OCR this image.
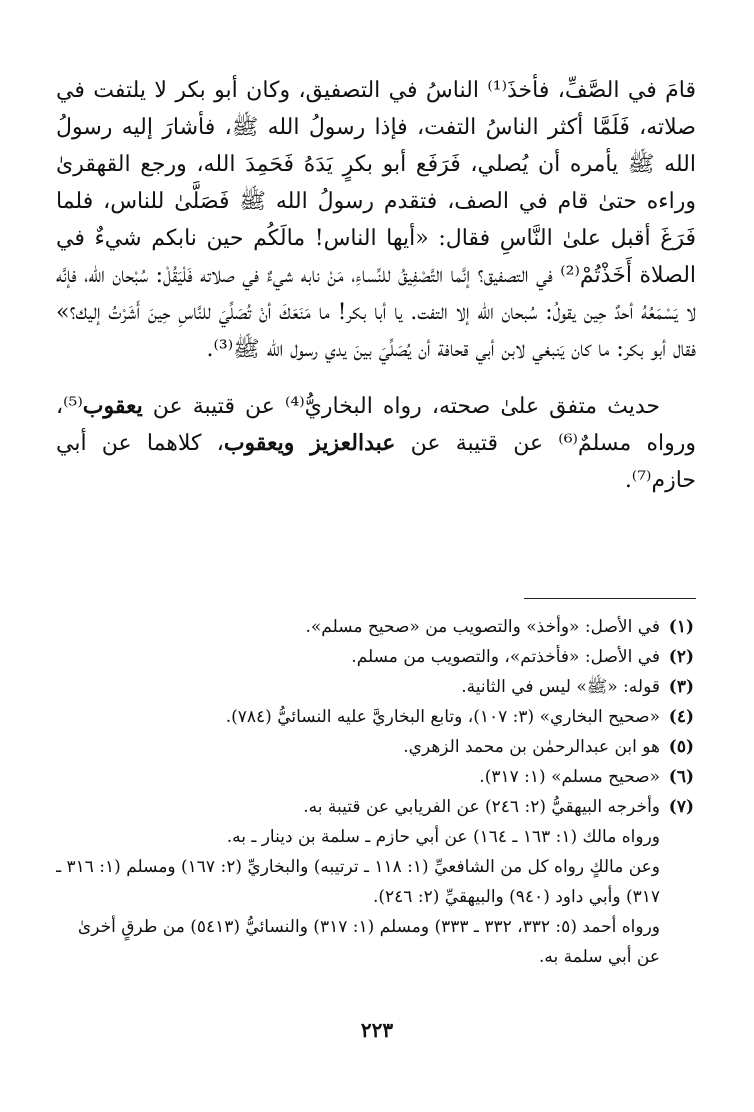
قامَ في الصَّفِّ، فأخذَ⁽¹⁾ الناسُ في التصفيق، وكان أبو بكر لا يلتفت في صلاته، فَلَمَّا أكثر الناسُ التفت، فإذا رسولُ الله ﷺ، فأشارَ إليه رسولُ الله ﷺ يأمره أن يُصلي، فَرَفَع أبو بكرٍ يَدَهُ فَحَمِدَ الله، ورجع القهقرىٰ وراءه حتىٰ قام في الصف، فتقدم رسولُ الله ﷺ فَصَلَّىٰ للناس، فلما فَرَغَ أقبل علىٰ النَّاسِ فقال: «أيها الناس! مالَكُم حين نابكم شيءٌ في الصلاة أَخَذْتُمْ⁽²⁾ في التصفيق؟ إنَّما التَّصْفِيقُ للنِّساءِ، مَنْ نابه شيءٌ في صلاته فَلْيَقُلْ: سُبْحان الله، فإنَّه لا يَسْمَعُهُ أحدٌ حِين يقولُ: سُبحان الله إلا التفت. يا أبا بكر! ما مَنَعَكَ أنْ تُصَلِّيَ للنَّاسِ حِينَ أَشَرْتُ إليك؟» فقال أبو بكر: ما كان يَنبغي لابن أبي قحافة أن يُصَلِّيَ بينَ يدي رسول الله ﷺ⁽³⁾.

حديث متفق علىٰ صحته، رواه البخاريُّ⁽⁴⁾ عن قتيبة عن يعقوب⁽⁵⁾، ورواه مسلمٌ⁽⁶⁾ عن قتيبة عن عبدالعزيز ويعقوب، كلاهما عن أبي حازم⁽⁷⁾.

(١)
في الأصل: «وأخذ» والتصويب من «صحيح مسلم».
(٢)
في الأصل: «فأخذتم»، والتصويب من مسلم.
(٣)
قوله: «ﷺ» ليس في الثانية.
(٤)
«صحيح البخاري» (٣: ١٠٧)، وتابع البخاريَّ عليه النسائيُّ (٧٨٤).
(٥)
هو ابن عبدالرحمٰن بن محمد الزهري.
(٦)
«صحيح مسلم» (١: ٣١٧).
(٧)
وأخرجه البيهقيُّ (٢: ٢٤٦) عن الفريابي عن قتيبة به.
ورواه مالك (١: ١٦٣ ـ ١٦٤) عن أبي حازم ـ سلمة بن دينار ـ به.
وعن مالكٍ رواه كل من الشافعيِّ (١: ١١٨ ـ ترتيبه) والبخاريِّ (٢: ١٦٧) ومسلم (١: ٣١٦ ـ ٣١٧) وأبي داود (٩٤٠) والبيهقيِّ (٢: ٢٤٦).
ورواه أحمد (٥: ٣٣٢، ٣٣٢ ـ ٣٣٣) ومسلم (١: ٣١٧) والنسائيُّ (٥٤١٣) من طرقٍ أخرىٰ عن أبي سلمة به.
٢٢٣
